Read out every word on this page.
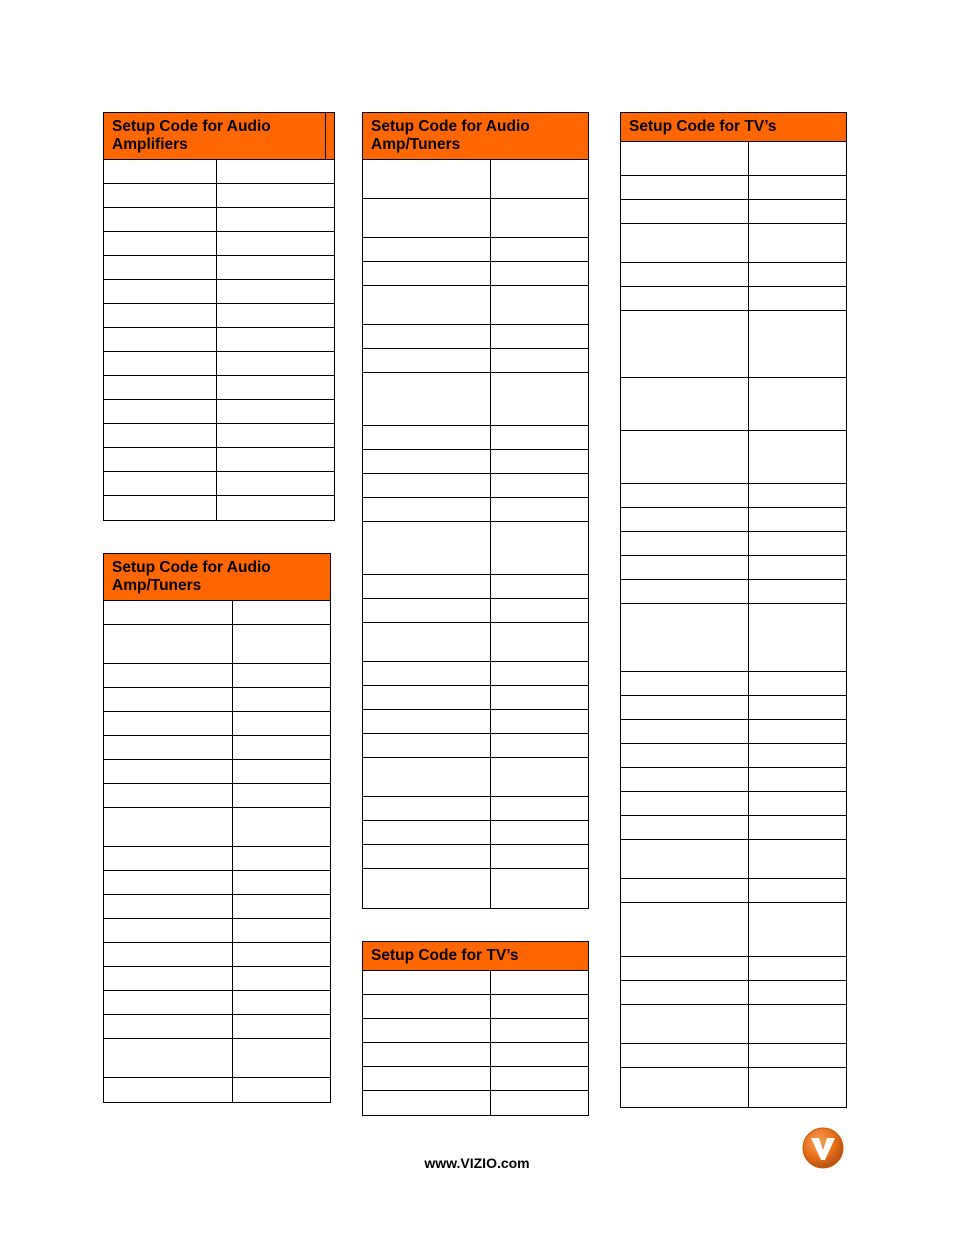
Setup Code for Audio Amplifiers
Setup Code for Audio Amp/Tuners
Setup Code for Audio Amp/Tuners
Setup Code for TV’s
Setup Code for TV’s
www.VIZIO.com
